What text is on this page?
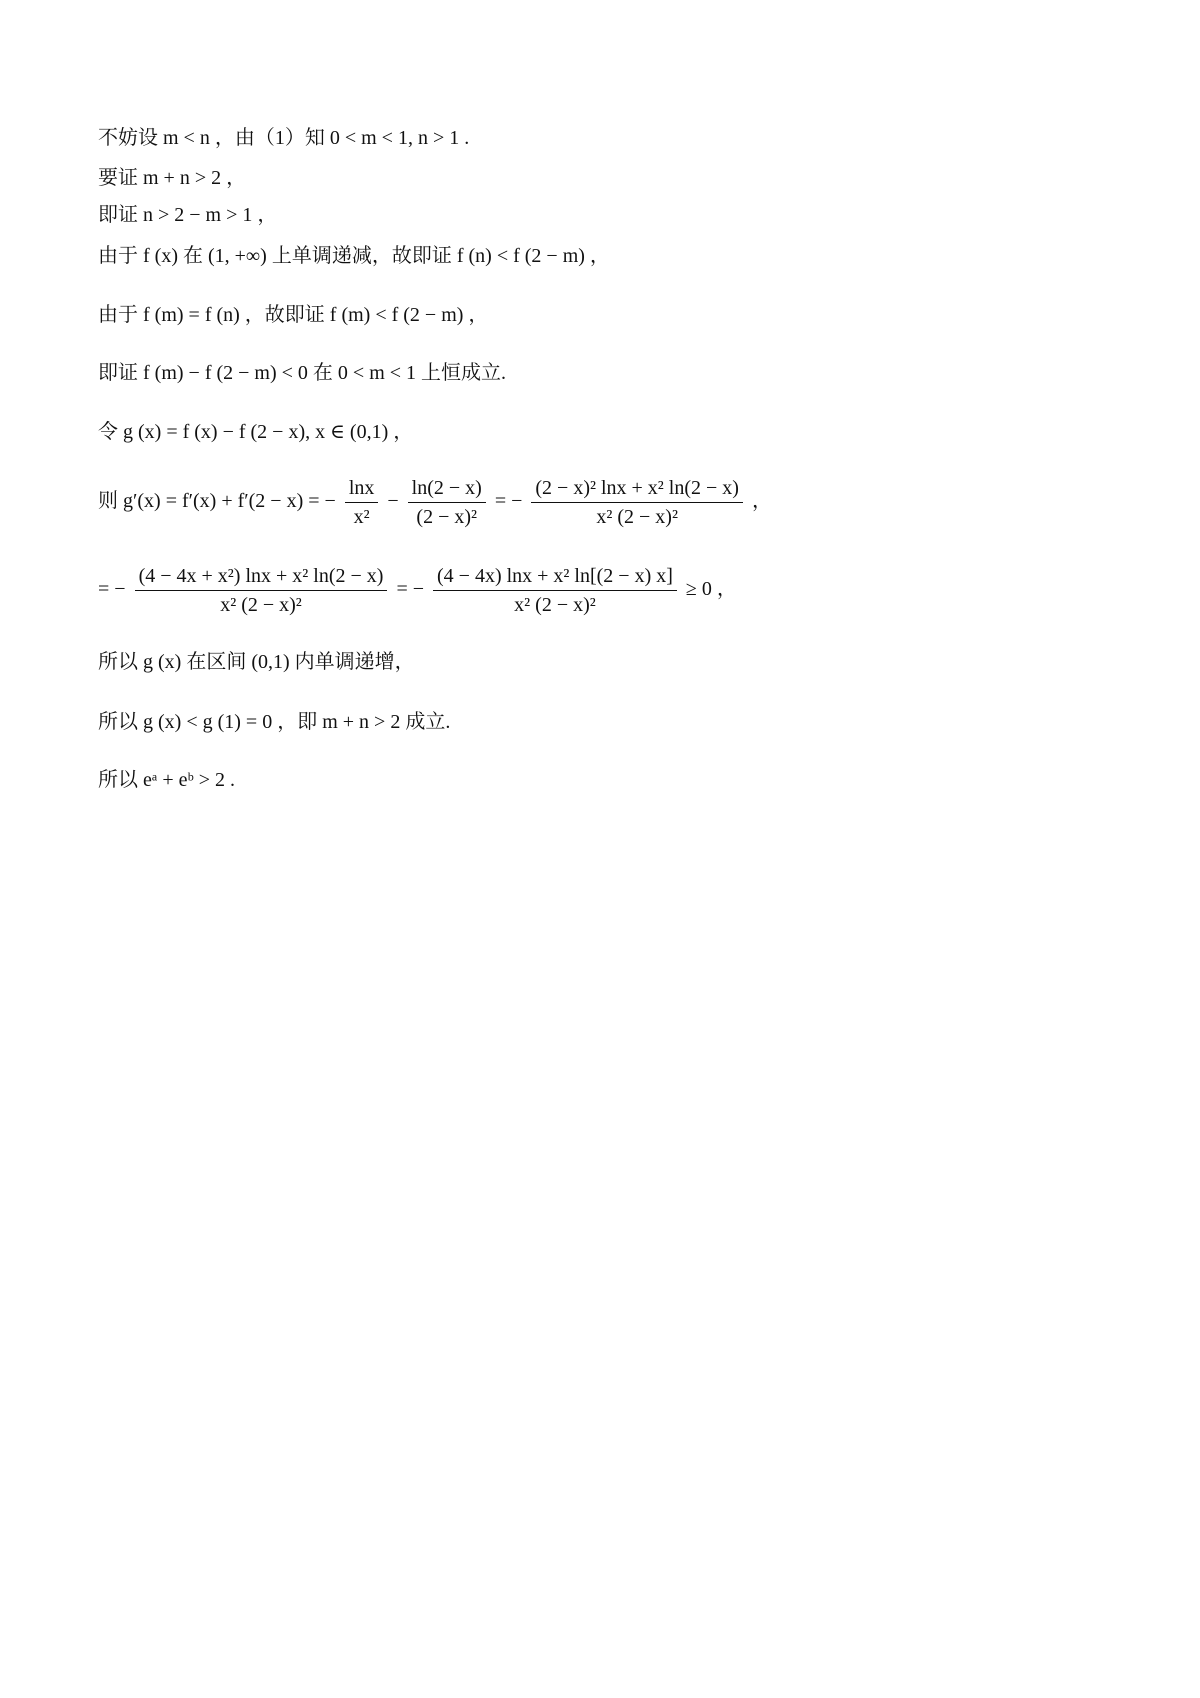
不妨设 m < n ，由（1）知 0 < m < 1, n > 1 .
要证 m + n > 2 ，
即证 n > 2 − m > 1 ，
由于 f (x) 在 (1, +∞) 上单调递减，故即证 f (n) < f (2 − m) ，
由于 f (m) = f (n) ，故即证 f (m) < f (2 − m) ，
即证 f (m) − f (2 − m) < 0 在 0 < m < 1 上恒成立.
令 g (x) = f (x) − f (2 − x), x ∈ (0,1) ，
则 g′(x) = f′(x) + f′(2 − x) = − $\frac{\ln x}{\text{x²}} - \frac{\ln(2 - x)}{\text{(2 − x)²}}$ = − $\frac{\text{(2 − x)² lnx + x² ln(2 − x)}}{\text{x² (2 − x)²}}$ ，
= − $\frac{\text{(4 − 4x + x²) lnx + x² ln(2 − x)}}{\text{x² (2 − x)²}}$ = − $\frac{\text{(4 − 4x) lnx + x² ln[(2 − x) x]}}{\text{x² (2 − x)²}} \ge 0$ ，
所以 g (x) 在区间 (0,1) 内单调递增，
所以 g (x) < g (1) = 0 ，即 m + n > 2 成立.
所以 eᵃ + eᵇ > 2 .
